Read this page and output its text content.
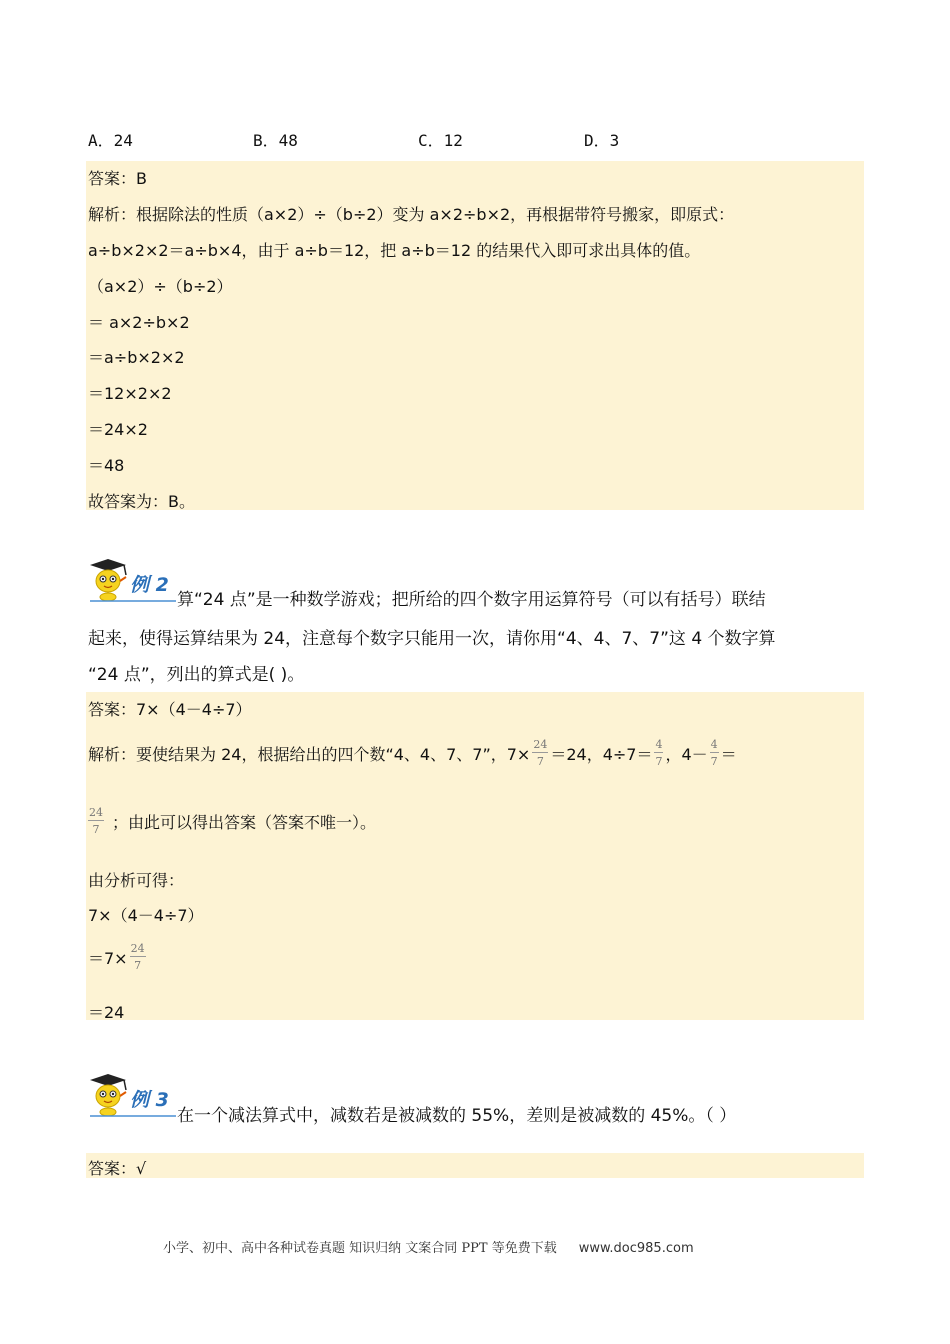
A．24	B．48	C．12	D．3
答案：B
解析：根据除法的性质（a×2）÷（b÷2）变为 a×2÷b×2，再根据带符号搬家，即原式：
a÷b×2×2＝a÷b×4，由于 a÷b＝12，把 a÷b＝12 的结果代入即可求出具体的值。
（a×2）÷（b÷2）
＝ a×2÷b×2
＝a÷b×2×2
＝12×2×2
＝24×2
＝48
故答案为：B。
例 2
算“24 点”是一种数学游戏；把所给的四个数字用运算符号（可以有括号）联结
起来，使得运算结果为 24，注意每个数字只能用一次，请你用“4、4、7、7”这 4 个数字算
“24 点”，列出的算式是( )。
答案：7×（4－4÷7）
解析：要使结果为 24，根据给出的四个数“4、4、7、7”，$7\times \frac{24}{7} =24$，$4\div 7= \frac{4}{7}$ ，$4- \frac{4}{7}$ ＝
$\frac{24}{7}$ ；由此可以得出答案（答案不唯一）。
由分析可得：
7×（4－4÷7）
$=7\times \frac{24}{7}$
＝24
例 3
在一个减法算式中，减数若是被减数的 55%，差则是被减数的 45%。（ ）
答案：√
小学、初中、高中各种试卷真题 知识归纳 文案合同 PPT 等免费下载 www.doc985.com
